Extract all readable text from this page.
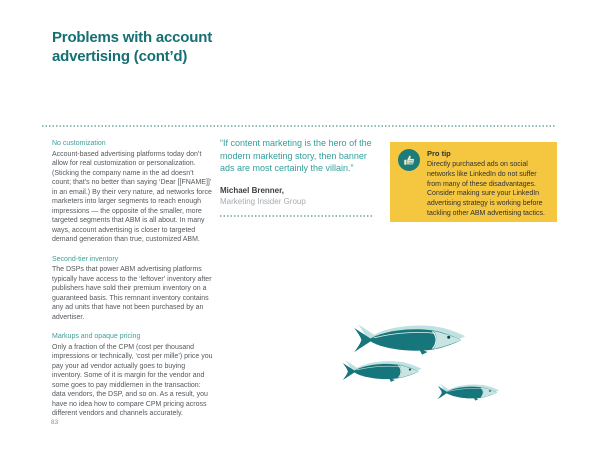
Problems with account advertising (cont’d)
No customization
Account-based advertising platforms today don’t allow for real customization or personalization. (Sticking the company name in the ad doesn’t count; that’s no better than saying ‘Dear [[FNAME]]’ in an email.) By their very nature, ad networks force marketers into larger segments to reach enough impressions — the opposite of the smaller, more targeted segments that ABM is all about. In many ways, account advertising is closer to targeted demand generation than true, customized ABM.
Second-tier inventory
The DSPs that power ABM advertising platforms typically have access to the ‘leftover’ inventory after publishers have sold their premium inventory on a guaranteed basis. This remnant inventory contains any ad units that have not been purchased by an advertiser.
Markups and opaque pricing
Only a fraction of the CPM (cost per thousand impressions or technically, ‘cost per mille’) price you pay your ad vendor actually goes to buying inventory. Some of it is margin for the vendor and some goes to pay middlemen in the transaction: data vendors, the DSP, and so on. As a result, you have no idea how to compare CPM pricing across different vendors and channels accurately.
“If content marketing is the hero of the modern marketing story, then banner ads are most certainly the villain.”
Michael Brenner,
Marketing Insider Group
Pro tip
Directly purchased ads on social networks like LinkedIn do not suffer from many of these disadvantages. Consider making sure your LinkedIn advertising strategy is working before tackling other ABM advertising tactics.
83
